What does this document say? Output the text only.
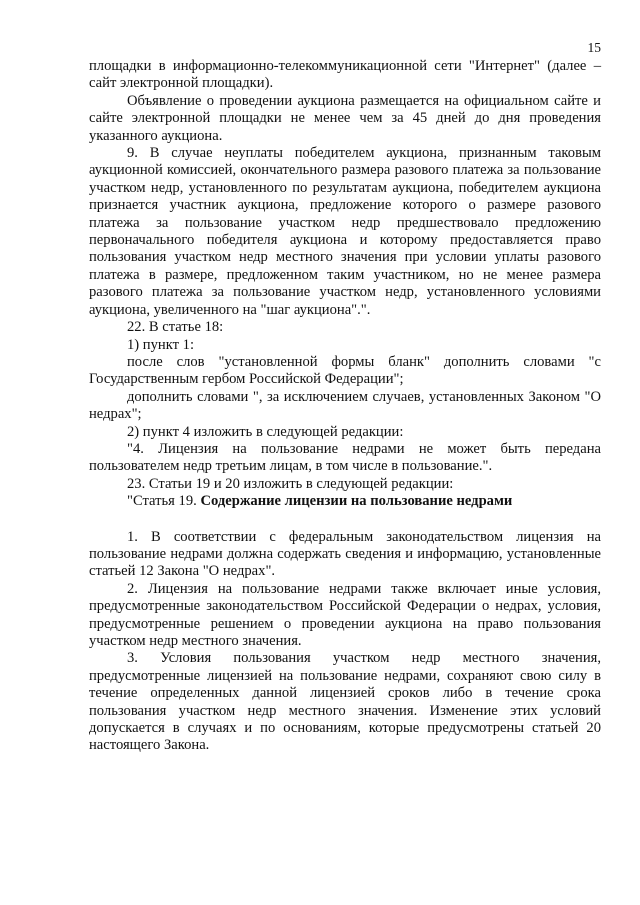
15

площадки в информационно-телекоммуникационной сети "Интернет" (далее – сайт электронной площадки).

Объявление о проведении аукциона размещается на официальном сайте и сайте электронной площадки не менее чем за 45 дней до дня проведения указанного аукциона.

9. В случае неуплаты победителем аукциона, признанным таковым аукционной комиссией, окончательного размера разового платежа за пользование участком недр, установленного по результатам аукциона, победителем аукциона признается участник аукциона, предложение которого о размере разового платежа за пользование участком недр предшествовало предложению первоначального победителя аукциона и которому предоставляется право пользования участком недр местного значения при условии уплаты разового платежа в размере, предложенном таким участником, но не менее размера разового платежа за пользование участком недр, установленного условиями аукциона, увеличенного на "шаг аукциона".".

22. В статье 18:

1) пункт 1:

после слов "установленной формы бланк" дополнить словами "с Государственным гербом Российской Федерации";

дополнить словами ", за исключением случаев, установленных Законом "О недрах";

2) пункт 4 изложить в следующей редакции:

"4. Лицензия на пользование недрами не может быть передана пользователем недр третьим лицам, в том числе в пользование.".

23. Статьи 19 и 20 изложить в следующей редакции:

"Статья 19. Содержание лицензии на пользование недрами

1. В соответствии с федеральным законодательством лицензия на пользование недрами должна содержать сведения и информацию, установленные статьей 12 Закона "О недрах".

2. Лицензия на пользование недрами также включает иные условия, предусмотренные законодательством Российской Федерации о недрах, условия, предусмотренные решением о проведении аукциона на право пользования участком недр местного значения.

3. Условия пользования участком недр местного значения, предусмотренные лицензией на пользование недрами, сохраняют свою силу в течение определенных данной лицензией сроков либо в течение срока пользования участком недр местного значения. Изменение этих условий допускается в случаях и по основаниям, которые предусмотрены статьей 20 настоящего Закона.
